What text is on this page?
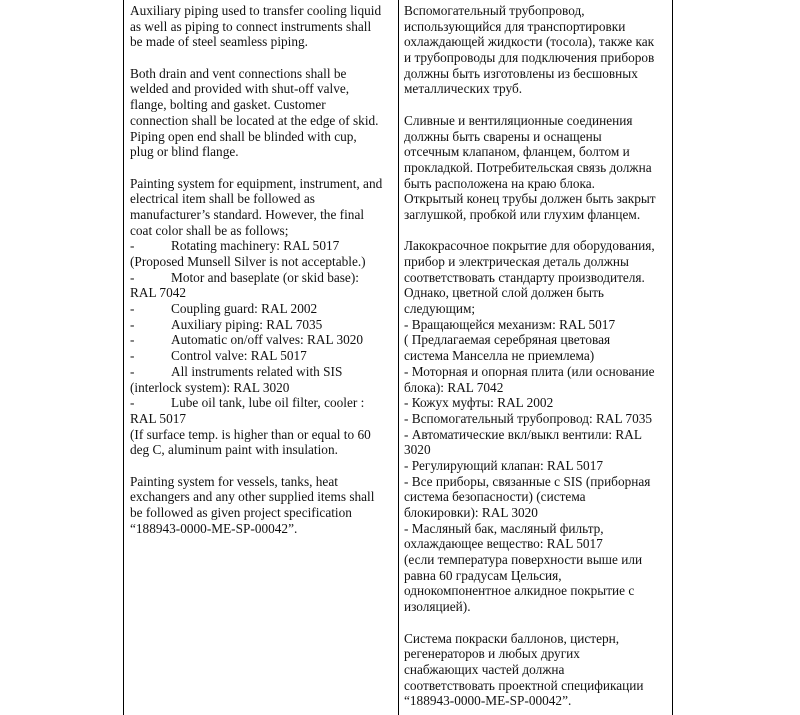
Auxiliary piping used to transfer cooling liquid
as well as piping to connect instruments shall
be made of steel seamless piping.
Both drain and vent connections shall be
welded and provided with shut-off valve,
flange, bolting and gasket. Customer
connection shall be located at the edge of skid.
Piping open end shall be blinded with cup,
plug or blind flange.
Painting system for equipment, instrument, and
electrical item shall be followed as
manufacturer’s standard. However, the final
coat color shall be as follows;
-	Rotating machinery: RAL 5017
(Proposed Munsell Silver is not acceptable.)
-	Motor and baseplate (or skid base):
RAL 7042
-	Coupling guard: RAL 2002
-	Auxiliary piping: RAL 7035
-	Automatic on/off valves: RAL 3020
-	Control valve: RAL 5017
-	All instruments related with SIS
(interlock system): RAL 3020
-	Lube oil tank, lube oil filter, cooler :
RAL 5017
(If surface temp. is higher than or equal to 60
deg C, aluminum paint with insulation.
Painting system for vessels, tanks, heat
exchangers and any other supplied items shall
be followed as given project specification
“188943-0000-ME-SP-00042”.
Вспомогательный трубопровод,
использующийся для транспортировки
охлаждающей жидкости (тосола), также как
и трубопроводы для подключения приборов
должны быть изготовлены из бесшовных
металлических труб.
Сливные и вентиляционные соединения
должны быть сварены и оснащены
отсечным клапаном, фланцем, болтом и
прокладкой. Потребительская связь должна
быть расположена на краю блока.
Открытый конец трубы должен быть закрыт
заглушкой, пробкой или глухим фланцем.
Лакокрасочное покрытие для оборудования,
прибор и электрическая деталь должны
соответствовать стандарту производителя.
Однако, цветной слой должен быть
следующим;
- Вращающейся механизм: RAL 5017
( Предлагаемая серебряная цветовая
система Манселла не приемлема)
- Моторная и опорная плита (или основание
блока): RAL 7042
- Кожух муфты: RAL 2002
- Вспомогательный трубопровод: RAL 7035
- Автоматические вкл/выкл вентили: RAL
3020
- Регулирующий клапан: RAL 5017
- Все приборы, связанные с SIS (приборная
система безопасности) (система
блокировки): RAL 3020
- Масляный бак, масляный фильтр,
охлаждающее вещество: RAL 5017
(если температура поверхности выше или
равна 60 градусам Цельсия,
однокомпонентное алкидное покрытие с
изоляцией).
Система покраски баллонов, цистерн,
регенераторов и любых других
снабжающих частей должна
соответствовать проектной спецификации
“188943-0000-ME-SP-00042”.
